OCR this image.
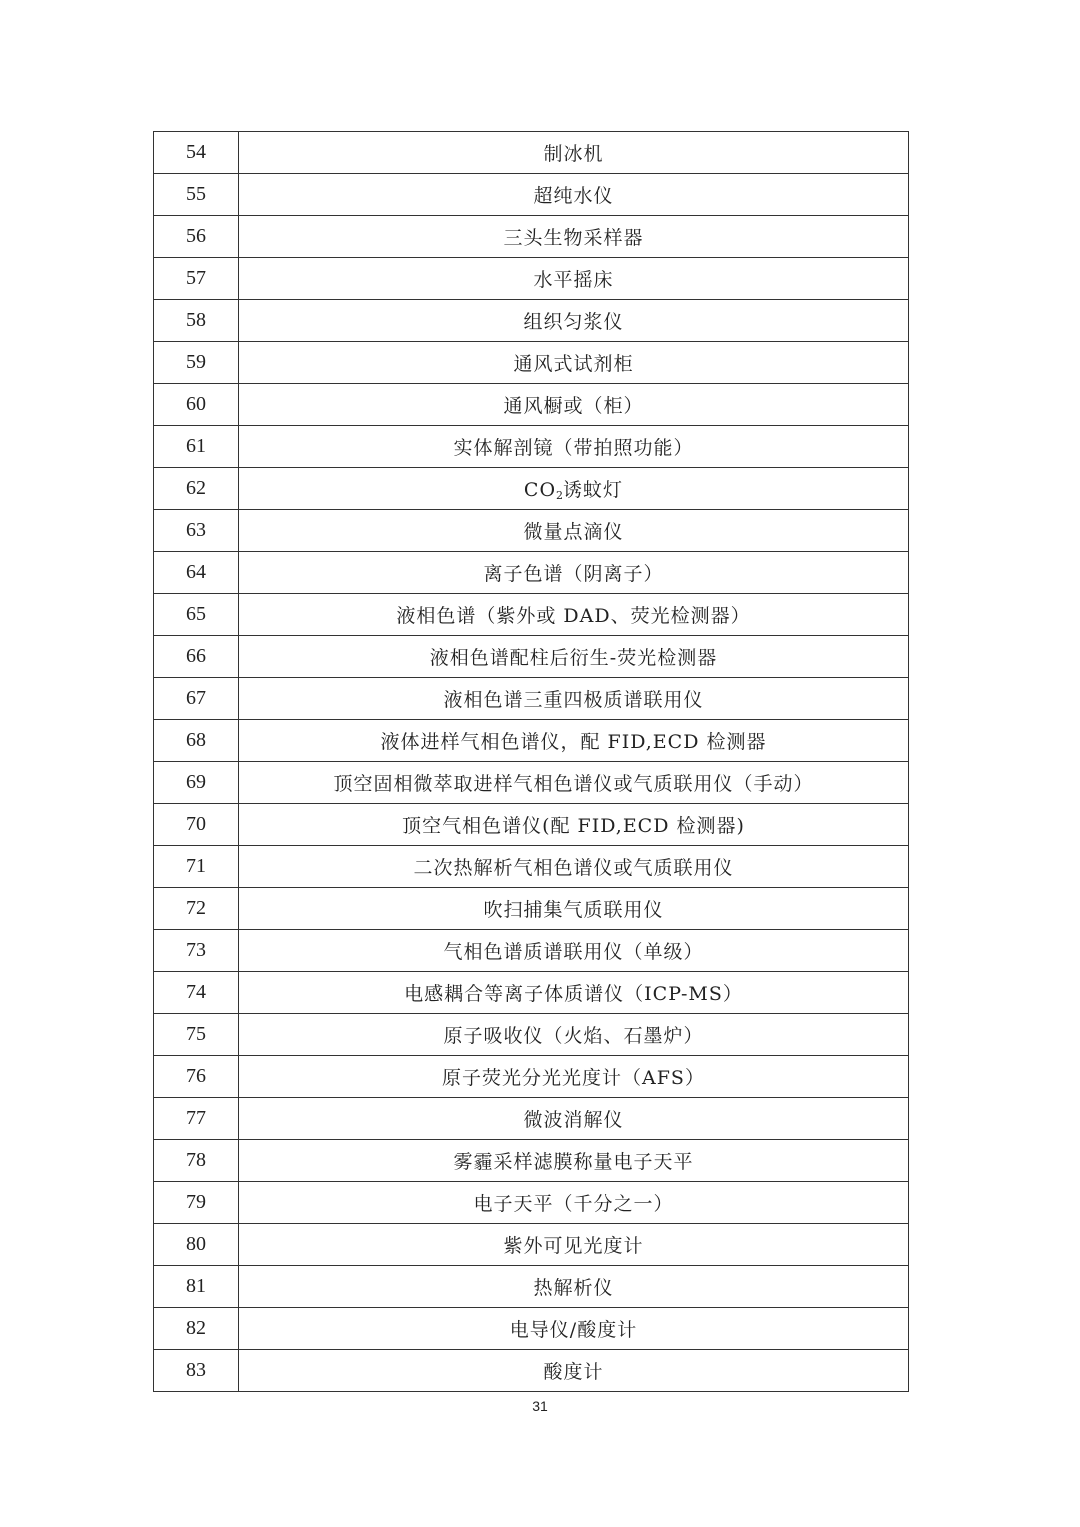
54	制冰机
55	超纯水仪
56	三头生物采样器
57	水平摇床
58	组织匀浆仪
59	通风式试剂柜
60	通风橱或（柜）
61	实体解剖镜（带拍照功能）
62	$CO_2$诱蚊灯
63	微量点滴仪
64	离子色谱（阴离子）
65	液相色谱（紫外或 DAD、荧光检测器）
66	液相色谱配柱后衍生-荧光检测器
67	液相色谱三重四极质谱联用仪
68	液体进样气相色谱仪，配 FID,ECD 检测器
69	顶空固相微萃取进样气相色谱仪或气质联用仪（手动）
70	顶空气相色谱仪(配 FID,ECD 检测器)
71	二次热解析气相色谱仪或气质联用仪
72	吹扫捕集气质联用仪
73	气相色谱质谱联用仪（单级）
74	电感耦合等离子体质谱仪（ICP-MS）
75	原子吸收仪（火焰、石墨炉）
76	原子荧光分光光度计（AFS）
77	微波消解仪
78	雾霾采样滤膜称量电子天平
79	电子天平（千分之一）
80	紫外可见光度计
81	热解析仪
82	电导仪/酸度计
83	酸度计
31
